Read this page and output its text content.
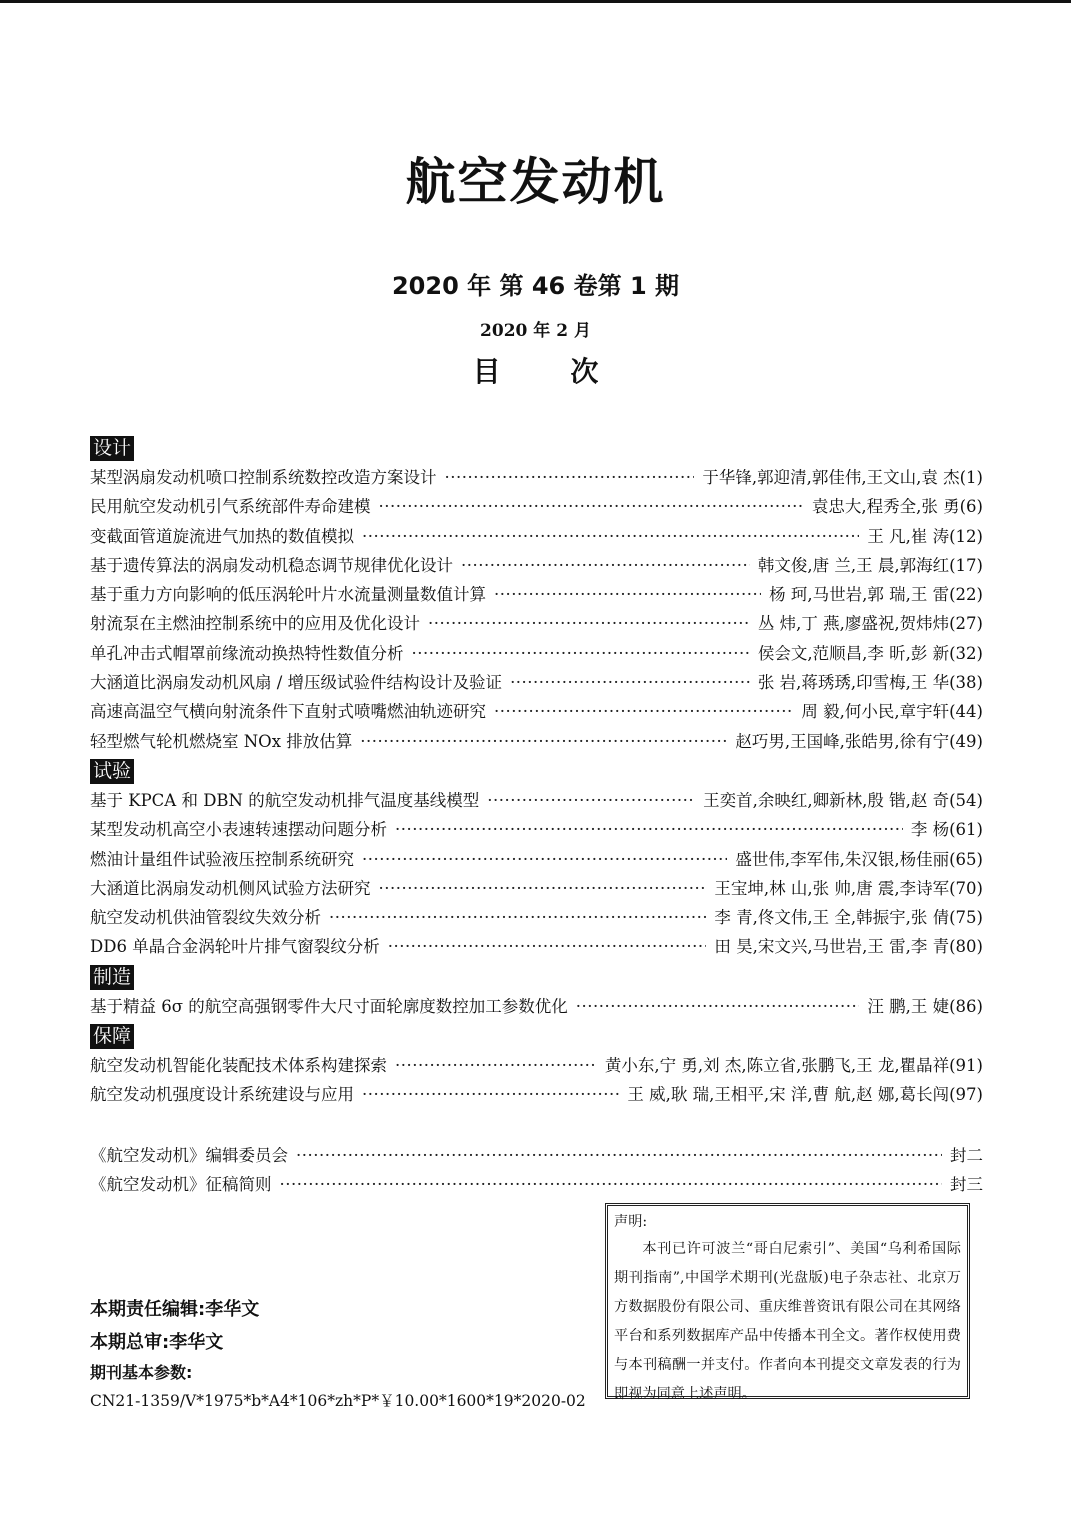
航空发动机
2020 年 第 46 卷第 1 期
2020 年 2 月
目 次
设计
某型涡扇发动机喷口控制系统数控改造方案设计 ·····	于华锋,郭迎清,郭佳伟,王文山,袁 杰(1)
民用航空发动机引气系统部件寿命建模 ·····	袁忠大,程秀全,张 勇(6)
变截面管道旋流进气加热的数值模拟 ·····	王 凡,崔 涛(12)
基于遗传算法的涡扇发动机稳态调节规律优化设计 ·····	韩文俊,唐 兰,王 晨,郭海红(17)
基于重力方向影响的低压涡轮叶片水流量测量数值计算 ·····	杨 珂,马世岩,郭 瑞,王 雷(22)
射流泵在主燃油控制系统中的应用及优化设计 ·····	丛 炜,丁 燕,廖盛祝,贺炜炜(27)
单孔冲击式帽罩前缘流动换热特性数值分析 ·····	侯会文,范顺昌,李 昕,彭 新(32)
大涵道比涡扇发动机风扇 / 增压级试验件结构设计及验证 ·····	张 岩,蒋琇琇,印雪梅,王 华(38)
高速高温空气横向射流条件下直射式喷嘴燃油轨迹研究 ·····	周 毅,何小民,章宇轩(44)
轻型燃气轮机燃烧室 NOx 排放估算 ·····	赵巧男,王国峰,张皓男,徐有宁(49)
试验
基于 KPCA 和 DBN 的航空发动机排气温度基线模型 ·····	王奕首,余映红,卿新林,殷 锴,赵 奇(54)
某型发动机高空小表速转速摆动问题分析 ·····	李 杨(61)
燃油计量组件试验液压控制系统研究 ·····	盛世伟,李军伟,朱汉银,杨佳丽(65)
大涵道比涡扇发动机侧风试验方法研究 ·····	王宝坤,林 山,张 帅,唐 震,李诗军(70)
航空发动机供油管裂纹失效分析 ·····	李 青,佟文伟,王 全,韩振宇,张 倩(75)
DD6 单晶合金涡轮叶片排气窗裂纹分析 ·····	田 昊,宋文兴,马世岩,王 雷,李 青(80)
制造
基于精益 6σ 的航空高强钢零件大尺寸面轮廓度数控加工参数优化 ·····	汪 鹏,王 婕(86)
保障
航空发动机智能化装配技术体系构建探索 ·····	黄小东,宁 勇,刘 杰,陈立省,张鹏飞,王 龙,瞿晶祥(91)
航空发动机强度设计系统建设与应用 ·····	王 威,耿 瑞,王相平,宋 洋,曹 航,赵 娜,葛长闯(97)
《航空发动机》编辑委员会 ·····	封二
《航空发动机》征稿简则 ·····	封三
本期责任编辑:李华文
本期总审:李华文
期刊基本参数:
CN21-1359/V*1975*b*A4*106*zh*P*￥10.00*1600*19*2020-02
声明:
本刊已许可波兰“哥白尼索引”、美国“乌利希国际期刊指南”,中国学术期刊(光盘版)电子杂志社、北京万方数据股份有限公司、重庆维普资讯有限公司在其网络平台和系列数据库产品中传播本刊全文。著作权使用费与本刊稿酬一并支付。作者向本刊提交文章发表的行为即视为同意上述声明。
